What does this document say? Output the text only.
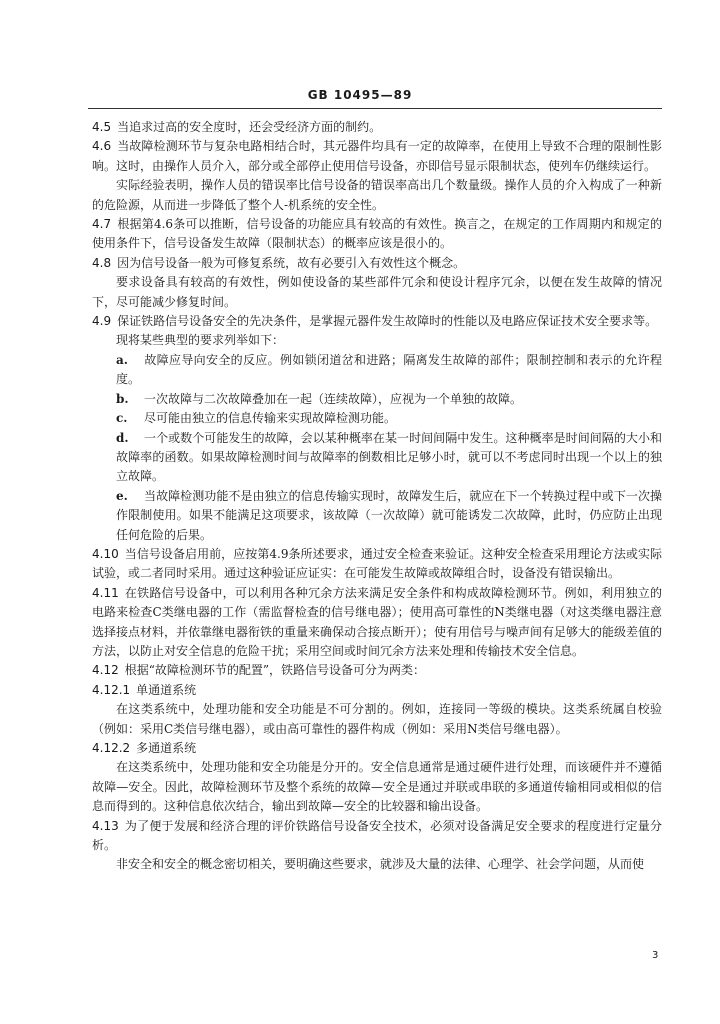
GB 10495—89

4.5  当追求过高的安全度时，还会受经济方面的制约。

4.6  当故障检测环节与复杂电路相结合时，其元器件均具有一定的故障率，在使用上导致不合理的限制性影响。这时，由操作人员介入，部分或全部停止使用信号设备，亦即信号显示限制状态，使列车仍继续运行。

实际经验表明，操作人员的错误率比信号设备的错误率高出几个数量级。操作人员的介入构成了一种新的危险源，从而进一步降低了整个人-机系统的安全性。

4.7  根据第4.6条可以推断，信号设备的功能应具有较高的有效性。换言之，在规定的工作周期内和规定的使用条件下，信号设备发生故障（限制状态）的概率应该是很小的。

4.8  因为信号设备一般为可修复系统，故有必要引入有效性这个概念。

要求设备具有较高的有效性，例如使设备的某些部件冗余和使设计程序冗余，以便在发生故障的情况下，尽可能减少修复时间。

4.9  保证铁路信号设备安全的先决条件，是掌握元器件发生故障时的性能以及电路应保证技术安全要求等。

现将某些典型的要求列举如下：

a. 故障应导向安全的反应。例如锁闭道岔和进路；隔离发生故障的部件；限制控制和表示的允许程度。

b. 一次故障与二次故障叠加在一起（连续故障），应视为一个单独的故障。

c. 尽可能由独立的信息传输来实现故障检测功能。

d. 一个或数个可能发生的故障，会以某种概率在某一时间间隔中发生。这种概率是时间间隔的大小和故障率的函数。如果故障检测时间与故障率的倒数相比足够小时，就可以不考虑同时出现一个以上的独立故障。

e. 当故障检测功能不是由独立的信息传输实现时，故障发生后，就应在下一个转换过程中或下一次操作限制使用。如果不能满足这项要求，该故障（一次故障）就可能诱发二次故障，此时，仍应防止出现任何危险的后果。

4.10  当信号设备启用前，应按第4.9条所述要求，通过安全检查来验证。这种安全检查采用理论方法或实际试验，或二者同时采用。通过这种验证应证实：在可能发生故障或故障组合时，设备没有错误输出。

4.11  在铁路信号设备中，可以利用各种冗余方法来满足安全条件和构成故障检测环节。例如，利用独立的电路来检查C类继电器的工作（需监督检查的信号继电器）；使用高可靠性的N类继电器（对这类继电器注意选择接点材料，并依靠继电器衔铁的重量来确保动合接点断开）；使有用信号与噪声间有足够大的能级差值的方法，以防止对安全信息的危险干扰；采用空间或时间冗余方法来处理和传输技术安全信息。

4.12  根据“故障检测环节的配置”，铁路信号设备可分为两类：

4.12.1  单通道系统

在这类系统中，处理功能和安全功能是不可分割的。例如，连接同一等级的模块。这类系统属自校验（例如：采用C类信号继电器），或由高可靠性的器件构成（例如：采用N类信号继电器）。

4.12.2  多通道系统

在这类系统中，处理功能和安全功能是分开的。安全信息通常是通过硬件进行处理，而该硬件并不遵循故障—安全。因此，故障检测环节及整个系统的故障—安全是通过并联或串联的多通道传输相同或相似的信息而得到的。这种信息依次结合，输出到故障—安全的比较器和输出设备。

4.13  为了便于发展和经济合理的评价铁路信号设备安全技术，必须对设备满足安全要求的程度进行定量分析。

非安全和安全的概念密切相关，要明确这些要求，就涉及大量的法律、心理学、社会学问题，从而使

3
